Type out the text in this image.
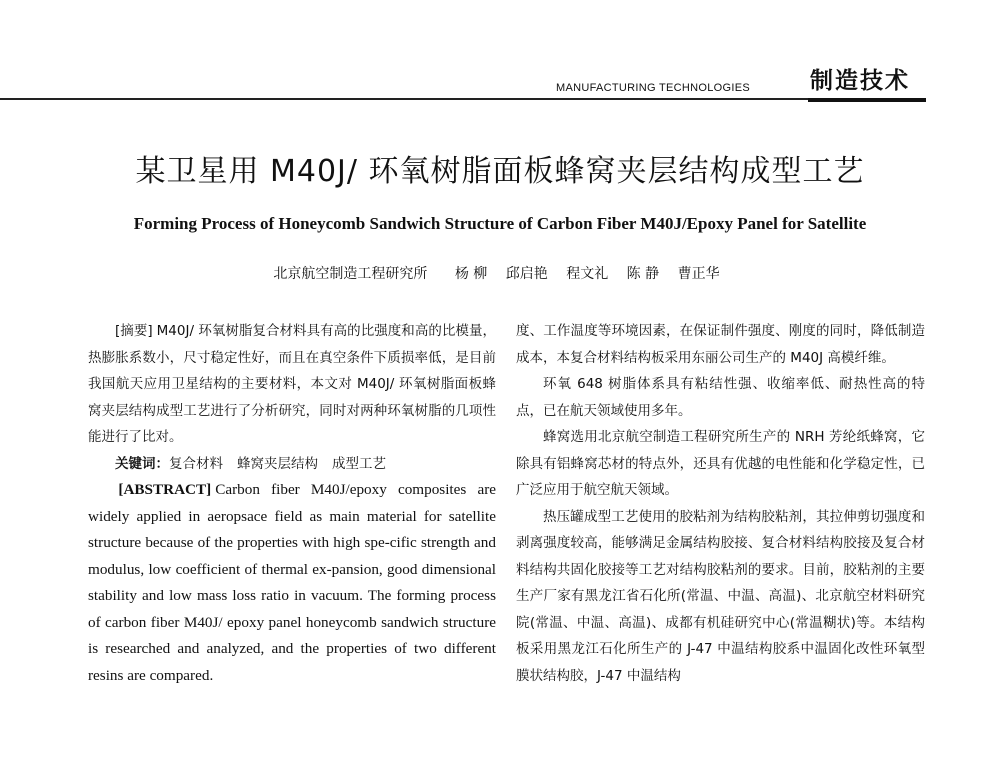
MANUFACTURING TECHNOLOGIES	制造技术
某卫星用 M40J/ 环氧树脂面板蜂窝夹层结构成型工艺
Forming Process of Honeycomb Sandwich Structure of Carbon Fiber M40J/Epoxy Panel for Satellite
北京航空制造工程研究所 杨 柳 邱启艳 程文礼 陈 静 曹正华

[摘要] M40J/ 环氧树脂复合材料具有高的比强度和高的比模量，热膨胀系数小，尺寸稳定性好，而且在真空条件下质损率低，是目前我国航天应用卫星结构的主要材料，本文对 M40J/ 环氧树脂面板蜂窝夹层结构成型工艺进行了分析研究，同时对两种环氧树脂的几项性能进行了比对。

关键词：复合材料 蜂窝夹层结构 成型工艺

[ABSTRACT] Carbon fiber M40J/epoxy composites are widely applied in aeropsace field as main material for satellite structure because of the properties with high spe-cific strength and modulus, low coefficient of thermal ex-pansion, good dimensional stability and low mass loss ratio in vacuum. The forming process of carbon fiber M40J/ epoxy panel honeycomb sandwich structure is researched and analyzed, and the properties of two different resins are compared.

度、工作温度等环境因素，在保证制件强度、刚度的同时，降低制造成本，本复合材料结构板采用东丽公司生产的 M40J 高模纤维。

环氧 648 树脂体系具有粘结性强、收缩率低、耐热性高的特点，已在航天领域使用多年。

蜂窝选用北京航空制造工程研究所生产的 NRH 芳纶纸蜂窝，它除具有铝蜂窝芯材的特点外，还具有优越的电性能和化学稳定性，已广泛应用于航空航天领域。

热压罐成型工艺使用的胶粘剂为结构胶粘剂，其拉伸剪切强度和剥离强度较高，能够满足金属结构胶接、复合材料结构胶接及复合材料结构共固化胶接等工艺对结构胶粘剂的要求。目前，胶粘剂的主要生产厂家有黑龙江省石化所(常温、中温、高温)、北京航空材料研究院(常温、中温、高温)、成都有机硅研究中心(常温糊状)等。本结构板采用黑龙江石化所生产的 J-47 中温结构胶系中温固化改性环氧型膜状结构胶，J-47 中温结构
